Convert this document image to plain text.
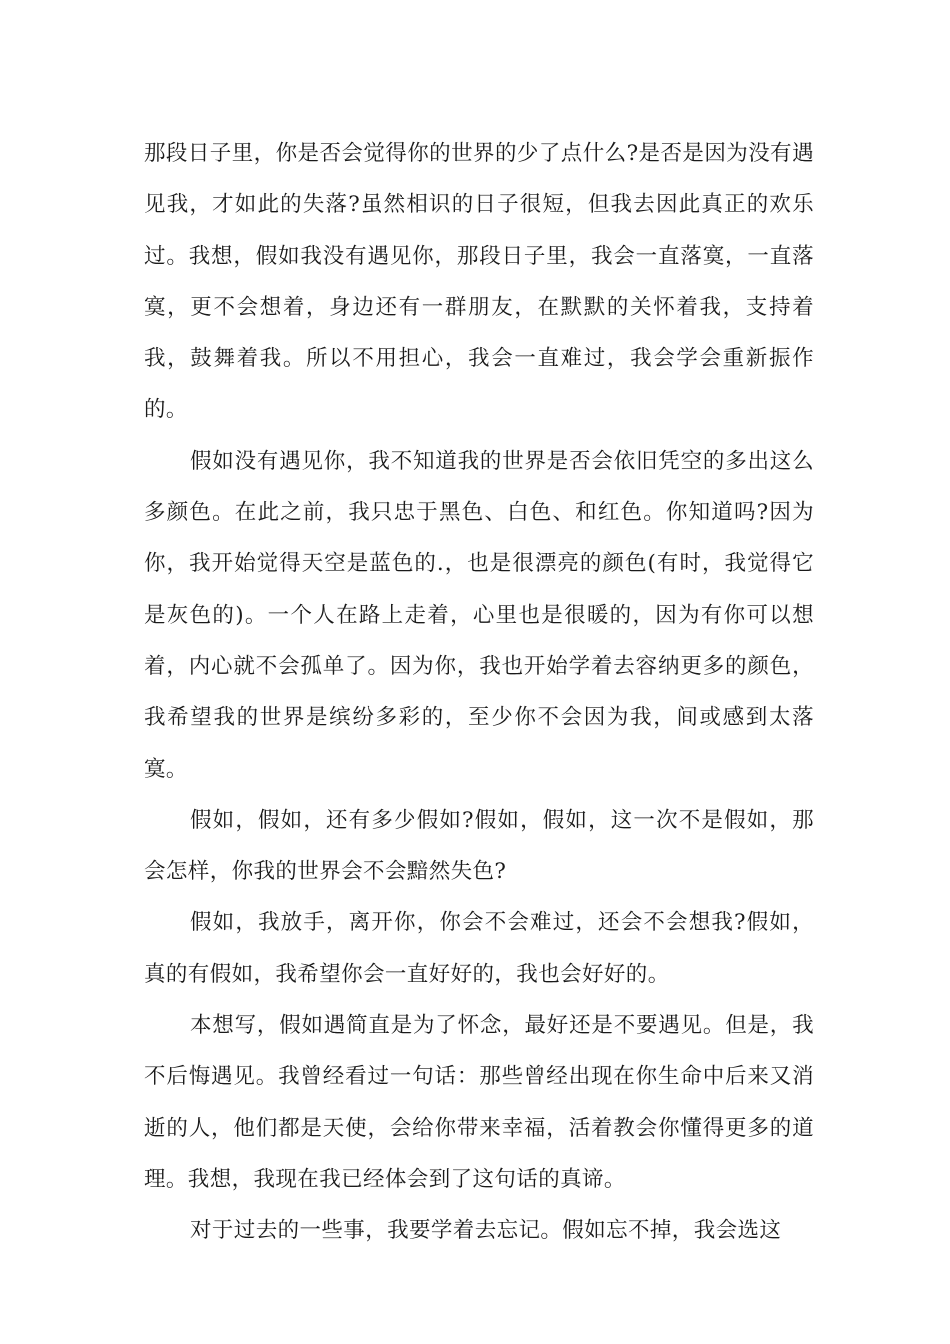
那段日子里，你是否会觉得你的世界的少了点什么?是否是因为没有遇见我，才如此的失落?虽然相识的日子很短，但我去因此真正的欢乐过。我想，假如我没有遇见你，那段日子里，我会一直落寞，一直落寞，更不会想着，身边还有一群朋友，在默默的关怀着我，支持着我，鼓舞着我。所以不用担心，我会一直难过，我会学会重新振作的。

假如没有遇见你，我不知道我的世界是否会依旧凭空的多出这么多颜色。在此之前，我只忠于黑色、白色、和红色。你知道吗?因为你，我开始觉得天空是蓝色的.，也是很漂亮的颜色(有时，我觉得它是灰色的)。一个人在路上走着，心里也是很暖的，因为有你可以想着，内心就不会孤单了。因为你，我也开始学着去容纳更多的颜色，我希望我的世界是缤纷多彩的，至少你不会因为我，间或感到太落寞。

假如，假如，还有多少假如?假如，假如，这一次不是假如，那会怎样，你我的世界会不会黯然失色?

假如，我放手，离开你，你会不会难过，还会不会想我?假如，真的有假如，我希望你会一直好好的，我也会好好的。

本想写，假如遇简直是为了怀念，最好还是不要遇见。但是，我不后悔遇见。我曾经看过一句话：那些曾经出现在你生命中后来又消逝的人，他们都是天使，会给你带来幸福，活着教会你懂得更多的道理。我想，我现在我已经体会到了这句话的真谛。

对于过去的一些事，我要学着去忘记。假如忘不掉，我会选这
